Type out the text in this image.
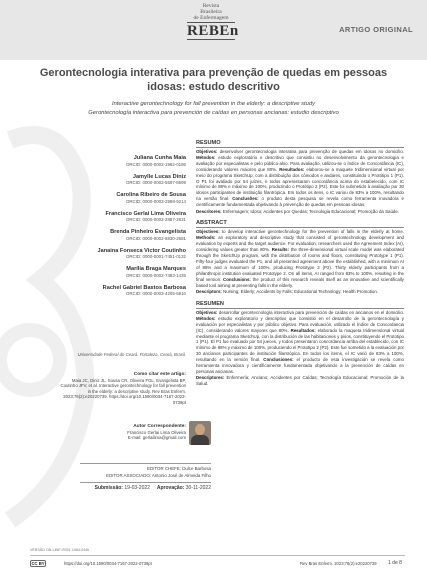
Revista
Brasileira
de Enfermagem
REBEn	ARTIGO ORIGINAL
Gerontecnologia interativa para prevenção de quedas em pessoas idosas: estudo descritivo
Interactive gerontechnology for fall prevention in the elderly: a descriptive study
Gerontecnología interactiva para prevención de caídas en personas ancianas: estudio descriptivo
Juliana Cunha Maia
ORCID: 0000-0002-1982-0186
Jamylle Lucas Diniz
ORCID: 0000-0002-5697-8599
Carolina Ribeiro de Sousa
ORCID: 0000-0003-2998-9214
Francisco Gerlai Lima Oliveira
ORCID: 0000-0002-2887-2631
Brenda Pinheiro Evangelista
ORCID: 0000-0002-8830-2681
Janaina Fonseca Victor Coutinho
ORCID: 0000-0001-7451-0132
Marília Braga Marques
ORCID: 0000-0002-7483-1435
Rachel Gabriel Bastos Barbosa
ORCID: 0000-0003-4205-6910
Universidade Federal do Ceará. Fortaleza, Ceará, Brasil.
Como citar este artigo:
Maia JC, Diniz JL, Sousa CR, Oliveira FGL, Evangelista BP, Coutinho JFV, et al. Interactive gerontechnology for fall prevention in the elderly: a descriptive study. Rev Bras Enferm. 2023;76(2):e20220739. https://doi.org/10.1590/0034-7167-2022-0739pt
Autor Correspondente:
Francisco Gerlai Lima Oliveira
E-mail: gerlailima@gmail.com
EDITOR CHEFE: Dulce Barbosa
EDITOR ASSOCIADO: Antonio José de Almeida Filho
Submissão: 19-03-2022 Aprovação: 30-11-2022
RESUMO

Objetivos: desenvolver gerontecnologia interativa para prevenção de quedas em idosos no domicílio. Métodos: estudo exploratório e descritivo que consistiu no desenvolvimento da gerontecnologia e avaliação por especialistas e pelo público-alvo. Para avaliação, utilizou-se o Índice de Concordância (IC), considerando valores maiores que 80%. Resultados: elaborou-se a maquete tridimensional virtual por meio do programa SketchUp, com a distribuição dos cômodos e andares, constituindo o Protótipo 1 (P1). O P1 foi avaliado por 54 juízes, e todos apresentaram concordância acima do estabelecido, com IC mínimo de 88% e máximo de 100%, produzindo o Protótipo 2 (P2). Este foi submetido à avaliação por 30 idosos participantes de instituição filantrópica. Em todos os itens, o IC variou de 83% a 100%, resultando na versão final. Conclusões: o produto desta pesquisa se revela como ferramenta inovadora e cientificamente fundamentada objetivando à prevenção de quedas em pessoas idosas.

Descritores: Enfermagem; Idoso; Acidentes por Quedas; Tecnologia Educacional; Promoção da Saúde.

ABSTRACT

Objectives: to develop interactive gerontechnology for the prevention of falls in the elderly at home. Methods: an exploratory and descriptive study that consisted of gerontechnology development and evaluation by experts and the target audience. For evaluation, researchers used the Agreement Index (AI), considering values greater than 80%. Results: the three-dimensional virtual scale model was elaborated through the SketchUp program, with the distribution of rooms and floors, constituting Prototype 1 (P1). Fifty-four judges evaluated the P1, and all presented agreement above the established, with a minimum AI of 88% and a maximum of 100%, producing Prototype 2 (P2). Thirty elderly participants from a philanthropic institution evaluated Prototype 2. On all items, AI ranged from 83% to 100%, resulting in the final version. Conclusions: the product of this research reveals itself as an innovative and scientifically based tool aiming at preventing falls in the elderly.

Descriptors: Nursing; Elderly; Accidents by Falls; Educational Technology; Health Promotion.

RESUMEN

Objetivos: desarrollar gerontecnología interactiva para prevención de caídas en ancianos en el domicilio. Métodos: estudio exploratorio y descriptivo que consistió en el desarrollo de la gerontecnología y evaluación por especialistas y por público objetivo. Para evaluación, utilizado el Índice de Concordancia (IC), considerando valores mayores que 80%. Resultados: elaborado la maqueta tridimensional virtual mediante el programa SketchUp, con la distribución de las habitaciones y pisos, constituyendo el Prototipo 1 (P1). El P1 fue evaluado por 54 jueces, y todos presentaron concordancia arriba del establecido, con IC mínimo de 88% y máximo de 100%, produciendo el Prototipo 2 (P2). Este fue sometido a la evaluación por 30 ancianos participantes de institución filantrópica. En todos los ítems, el IC varió de 83% a 100%, resultando en la versión final. Conclusiones: el producto de esta investigación se revela como herramienta innovadora y científicamente fundamentada objetivando a la prevención de caídas en personas ancianas.

Descriptores: Enfermería; Anciano; Accidentes por Caídas; Tecnología Educacional; Promoción de la Salud.

VERSÃO ON-LINE ISSN: 1984-0446
CC BY	https://doi.org/10.1590/0034-7167-2022-0739pt	Rev Bras Enferm. 2023;76(2):e20220739 1 de 8
